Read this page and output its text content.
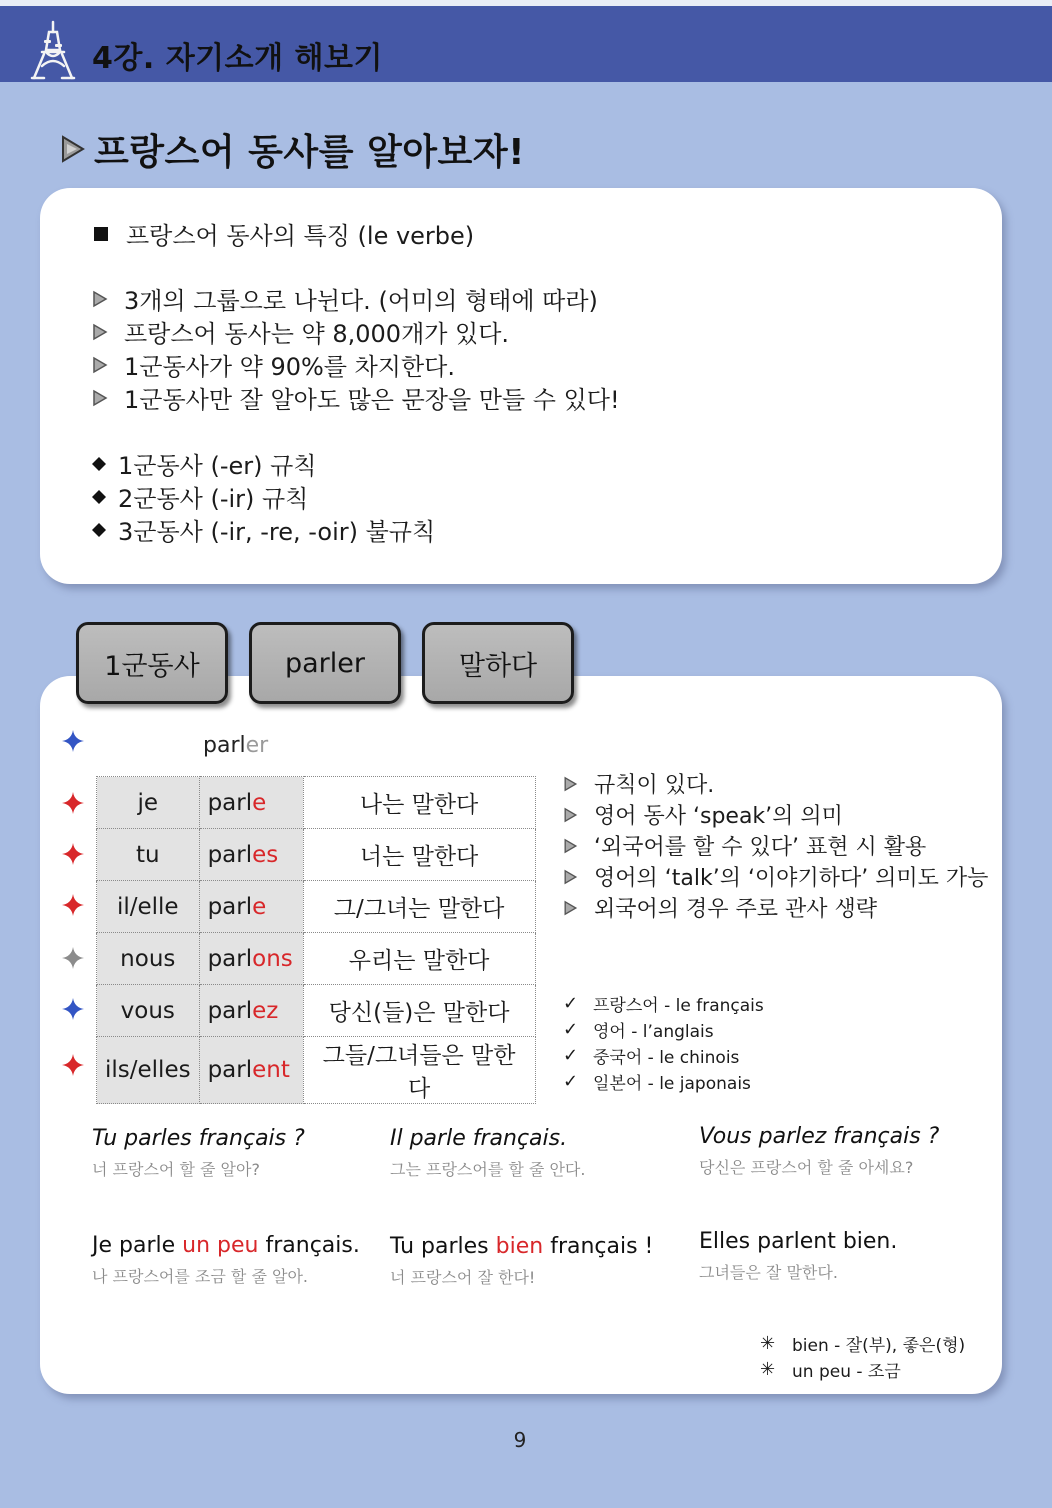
4강. 자기소개 해보기
프랑스어 동사를 알아보자!
프랑스어 동사의 특징 (le verbe)
3개의 그룹으로 나뉜다. (어미의 형태에 따라)
프랑스어 동사는 약 8,000개가 있다.
1군동사가 약 90%를 차지한다.
1군동사만 잘 알아도 많은 문장을 만들 수 있다!
1군동사 (-er) 규칙
2군동사 (-ir) 규칙
3군동사 (-ir, -re, -oir) 불규칙
1군동사	parler	말하다
parler
je	parle	나는 말한다
tu	parles	너는 말한다
il/elle	parle	그/그녀는 말한다
nous	parlons	우리는 말한다
vous	parlez	당신(들)은 말한다
ils/elles	parlent	그들/그녀들은 말한다
규칙이 있다.
영어 동사 ‘speak’의 의미
‘외국어를 할 수 있다’ 표현 시 활용
영어의 ‘talk’의 ‘이야기하다’ 의미도 가능
외국어의 경우 주로 관사 생략
✓ 프랑스어 - le français
✓ 영어 - l’anglais
✓ 중국어 - le chinois
✓ 일본어 - le japonais
Tu parles français ?
너 프랑스어 할 줄 알아?
Il parle français.
그는 프랑스어를 할 줄 안다.
Vous parlez français ?
당신은 프랑스어 할 줄 아세요?
Je parle un peu français.
나 프랑스어를 조금 할 줄 알아.
Tu parles bien français !
너 프랑스어 잘 한다!
Elles parlent bien.
그녀들은 잘 말한다.
✳ bien - 잘(부), 좋은(형)
✳ un peu - 조금
9
